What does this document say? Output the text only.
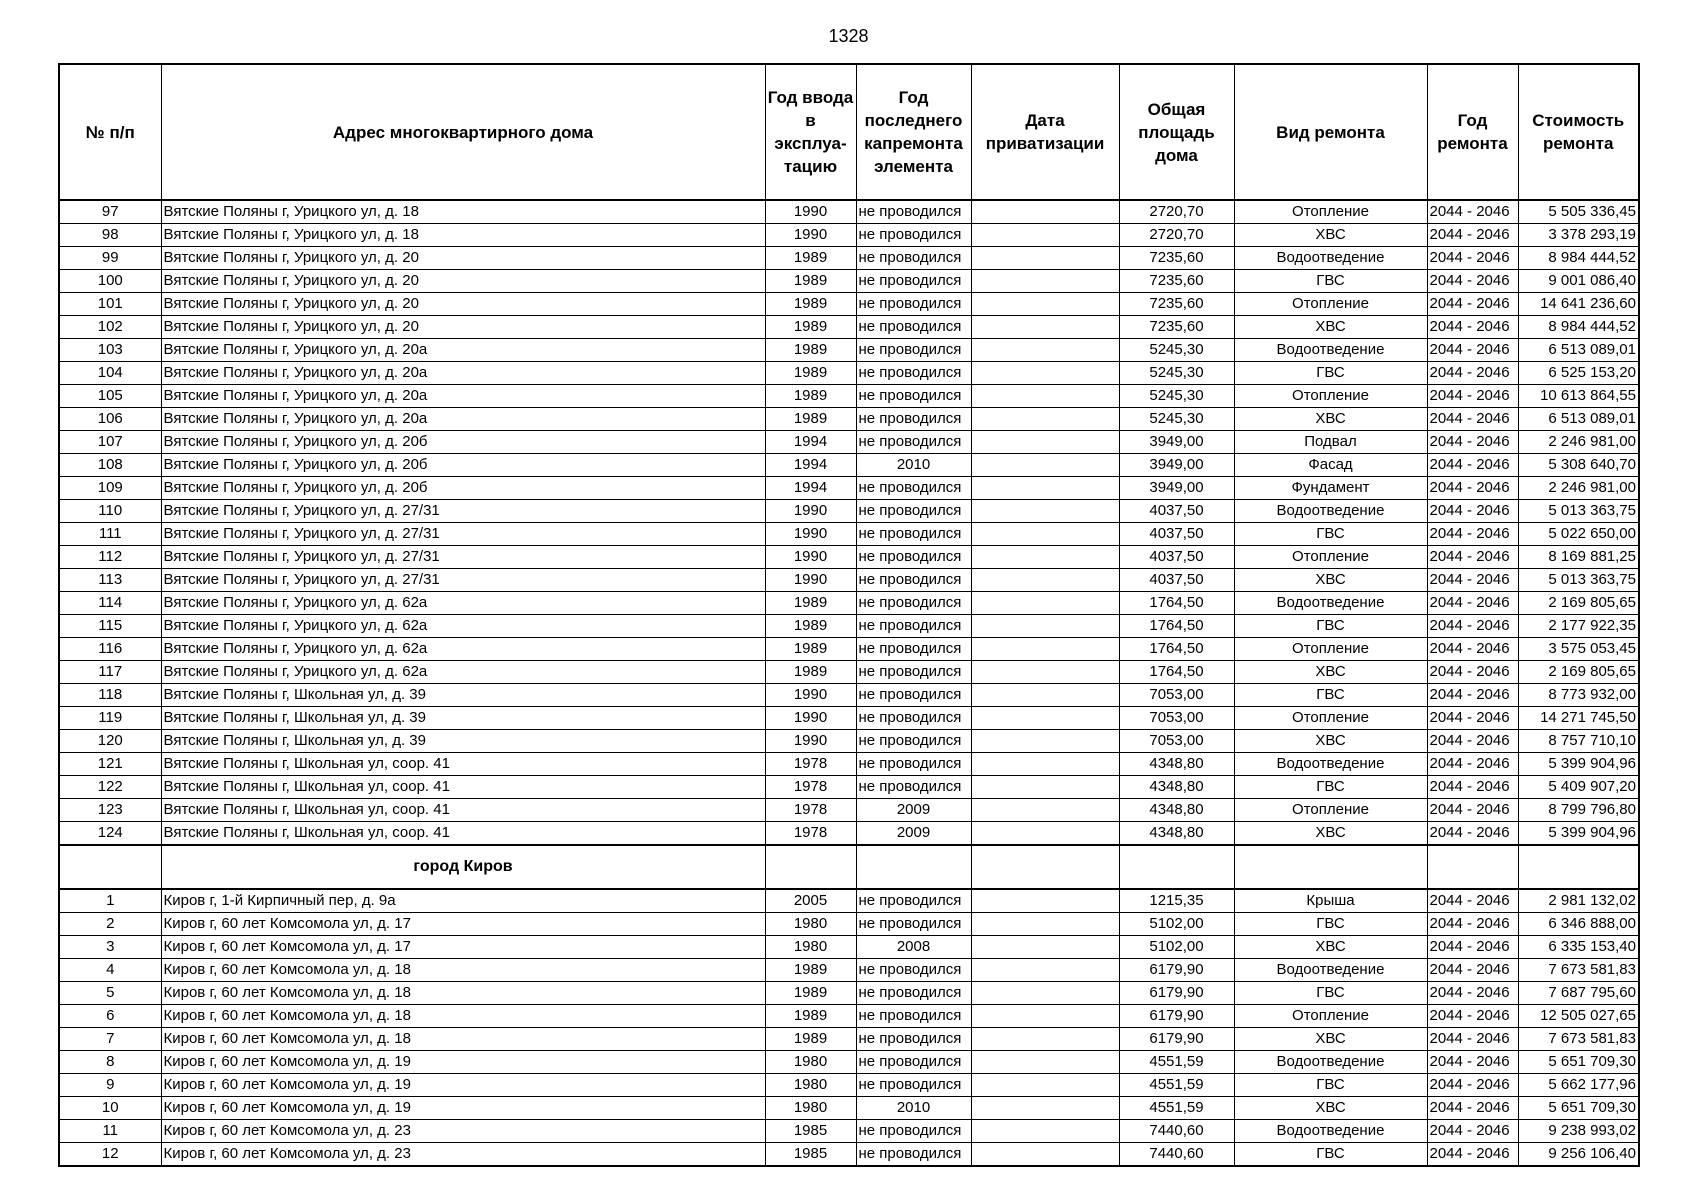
1328
№ п/п	Адрес многоквартирного дома	Год ввода в эксплуа-тацию	Год последнего капремонта элемента	Дата приватизации	Общая площадь дома	Вид ремонта	Год ремонта	Стоимость ремонта
97	Вятские Поляны г, Урицкого ул, д. 18	1990	не проводился		2720,70	Отопление	2044 - 2046	5 505 336,45
98	Вятские Поляны г, Урицкого ул, д. 18	1990	не проводился		2720,70	ХВС	2044 - 2046	3 378 293,19
99	Вятские Поляны г, Урицкого ул, д. 20	1989	не проводился		7235,60	Водоотведение	2044 - 2046	8 984 444,52
100	Вятские Поляны г, Урицкого ул, д. 20	1989	не проводился		7235,60	ГВС	2044 - 2046	9 001 086,40
101	Вятские Поляны г, Урицкого ул, д. 20	1989	не проводился		7235,60	Отопление	2044 - 2046	14 641 236,60
102	Вятские Поляны г, Урицкого ул, д. 20	1989	не проводился		7235,60	ХВС	2044 - 2046	8 984 444,52
103	Вятские Поляны г, Урицкого ул, д. 20а	1989	не проводился		5245,30	Водоотведение	2044 - 2046	6 513 089,01
104	Вятские Поляны г, Урицкого ул, д. 20а	1989	не проводился		5245,30	ГВС	2044 - 2046	6 525 153,20
105	Вятские Поляны г, Урицкого ул, д. 20а	1989	не проводился		5245,30	Отопление	2044 - 2046	10 613 864,55
106	Вятские Поляны г, Урицкого ул, д. 20а	1989	не проводился		5245,30	ХВС	2044 - 2046	6 513 089,01
107	Вятские Поляны г, Урицкого ул, д. 20б	1994	не проводился		3949,00	Подвал	2044 - 2046	2 246 981,00
108	Вятские Поляны г, Урицкого ул, д. 20б	1994	2010		3949,00	Фасад	2044 - 2046	5 308 640,70
109	Вятские Поляны г, Урицкого ул, д. 20б	1994	не проводился		3949,00	Фундамент	2044 - 2046	2 246 981,00
110	Вятские Поляны г, Урицкого ул, д. 27/31	1990	не проводился		4037,50	Водоотведение	2044 - 2046	5 013 363,75
111	Вятские Поляны г, Урицкого ул, д. 27/31	1990	не проводился		4037,50	ГВС	2044 - 2046	5 022 650,00
112	Вятские Поляны г, Урицкого ул, д. 27/31	1990	не проводился		4037,50	Отопление	2044 - 2046	8 169 881,25
113	Вятские Поляны г, Урицкого ул, д. 27/31	1990	не проводился		4037,50	ХВС	2044 - 2046	5 013 363,75
114	Вятские Поляны г, Урицкого ул, д. 62а	1989	не проводился		1764,50	Водоотведение	2044 - 2046	2 169 805,65
115	Вятские Поляны г, Урицкого ул, д. 62а	1989	не проводился		1764,50	ГВС	2044 - 2046	2 177 922,35
116	Вятские Поляны г, Урицкого ул, д. 62а	1989	не проводился		1764,50	Отопление	2044 - 2046	3 575 053,45
117	Вятские Поляны г, Урицкого ул, д. 62а	1989	не проводился		1764,50	ХВС	2044 - 2046	2 169 805,65
118	Вятские Поляны г, Школьная ул, д. 39	1990	не проводился		7053,00	ГВС	2044 - 2046	8 773 932,00
119	Вятские Поляны г, Школьная ул, д. 39	1990	не проводился		7053,00	Отопление	2044 - 2046	14 271 745,50
120	Вятские Поляны г, Школьная ул, д. 39	1990	не проводился		7053,00	ХВС	2044 - 2046	8 757 710,10
121	Вятские Поляны г, Школьная ул, соор. 41	1978	не проводился		4348,80	Водоотведение	2044 - 2046	5 399 904,96
122	Вятские Поляны г, Школьная ул, соор. 41	1978	не проводился		4348,80	ГВС	2044 - 2046	5 409 907,20
123	Вятские Поляны г, Школьная ул, соор. 41	1978	2009		4348,80	Отопление	2044 - 2046	8 799 796,80
124	Вятские Поляны г, Школьная ул, соор. 41	1978	2009		4348,80	ХВС	2044 - 2046	5 399 904,96
	город Киров							
1	Киров г, 1-й Кирпичный пер, д. 9а	2005	не проводился		1215,35	Крыша	2044 - 2046	2 981 132,02
2	Киров г, 60 лет Комсомола ул, д. 17	1980	не проводился		5102,00	ГВС	2044 - 2046	6 346 888,00
3	Киров г, 60 лет Комсомола ул, д. 17	1980	2008		5102,00	ХВС	2044 - 2046	6 335 153,40
4	Киров г, 60 лет Комсомола ул, д. 18	1989	не проводился		6179,90	Водоотведение	2044 - 2046	7 673 581,83
5	Киров г, 60 лет Комсомола ул, д. 18	1989	не проводился		6179,90	ГВС	2044 - 2046	7 687 795,60
6	Киров г, 60 лет Комсомола ул, д. 18	1989	не проводился		6179,90	Отопление	2044 - 2046	12 505 027,65
7	Киров г, 60 лет Комсомола ул, д. 18	1989	не проводился		6179,90	ХВС	2044 - 2046	7 673 581,83
8	Киров г, 60 лет Комсомола ул, д. 19	1980	не проводился		4551,59	Водоотведение	2044 - 2046	5 651 709,30
9	Киров г, 60 лет Комсомола ул, д. 19	1980	не проводился		4551,59	ГВС	2044 - 2046	5 662 177,96
10	Киров г, 60 лет Комсомола ул, д. 19	1980	2010		4551,59	ХВС	2044 - 2046	5 651 709,30
11	Киров г, 60 лет Комсомола ул, д. 23	1985	не проводился		7440,60	Водоотведение	2044 - 2046	9 238 993,02
12	Киров г, 60 лет Комсомола ул, д. 23	1985	не проводился		7440,60	ГВС	2044 - 2046	9 256 106,40
